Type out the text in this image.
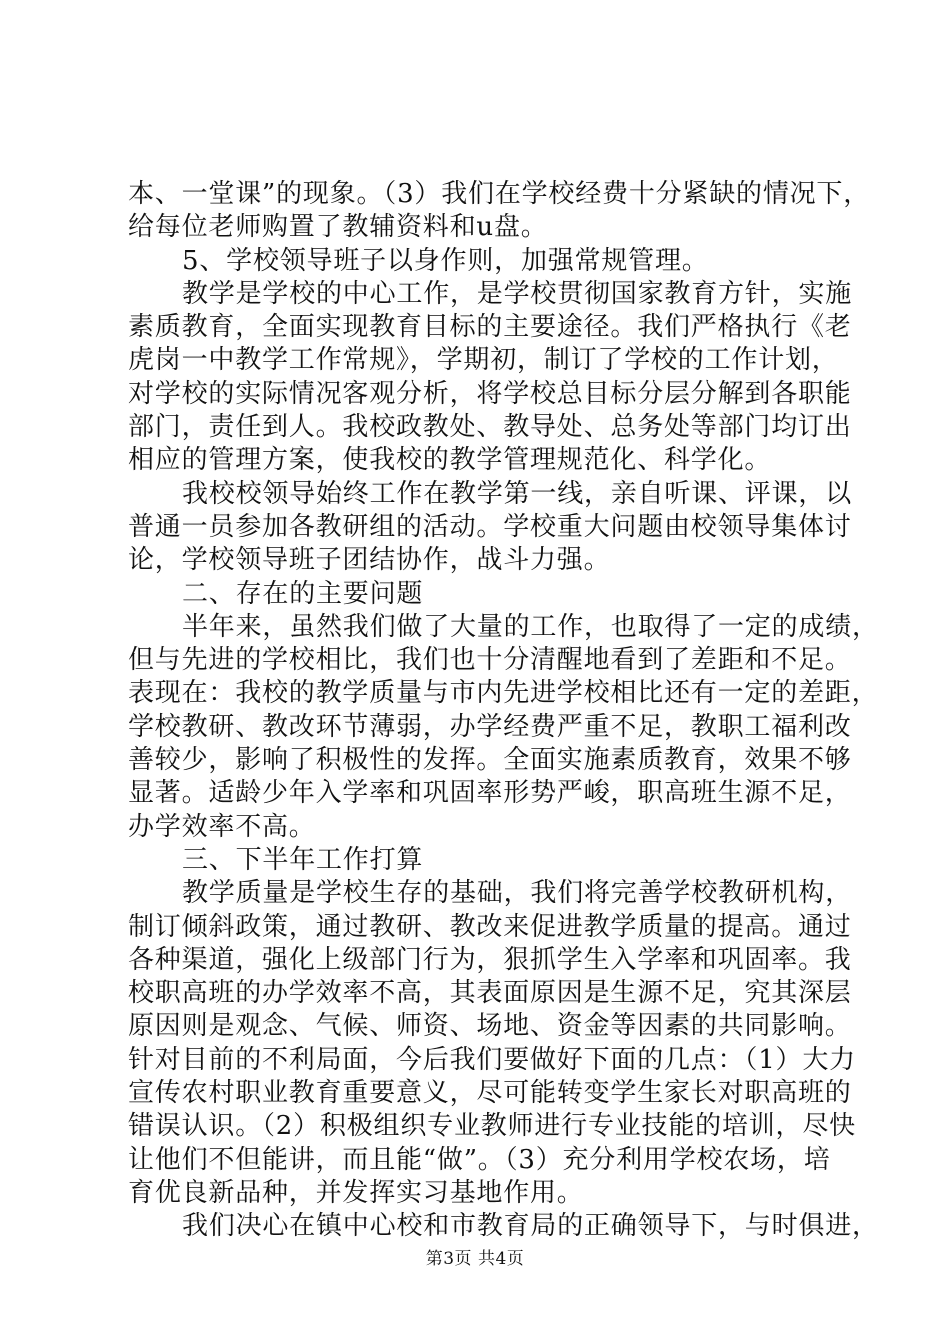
本、一堂课”的现象。（3）我们在学校经费十分紧缺的情况下，
给每位老师购置了教辅资料和u盘。
5、学校领导班子以身作则，加强常规管理。
教学是学校的中心工作，是学校贯彻国家教育方针，实施
素质教育，全面实现教育目标的主要途径。我们严格执行《老
虎岗一中教学工作常规》，学期初，制订了学校的工作计划，
对学校的实际情况客观分析，将学校总目标分层分解到各职能
部门，责任到人。我校政教处、教导处、总务处等部门均订出
相应的管理方案，使我校的教学管理规范化、科学化。
我校校领导始终工作在教学第一线，亲自听课、评课，以
普通一员参加各教研组的活动。学校重大问题由校领导集体讨
论，学校领导班子团结协作，战斗力强。
二、存在的主要问题
半年来，虽然我们做了大量的工作，也取得了一定的成绩，
但与先进的学校相比，我们也十分清醒地看到了差距和不足。
表现在：我校的教学质量与市内先进学校相比还有一定的差距，
学校教研、教改环节薄弱，办学经费严重不足，教职工福利改
善较少，影响了积极性的发挥。全面实施素质教育，效果不够
显著。适龄少年入学率和巩固率形势严峻，职高班生源不足，
办学效率不高。
三、下半年工作打算
教学质量是学校生存的基础，我们将完善学校教研机构，
制订倾斜政策，通过教研、教改来促进教学质量的提高。通过
各种渠道，强化上级部门行为，狠抓学生入学率和巩固率。我
校职高班的办学效率不高，其表面原因是生源不足，究其深层
原因则是观念、气候、师资、场地、资金等因素的共同影响。
针对目前的不利局面，今后我们要做好下面的几点：（1）大力
宣传农村职业教育重要意义，尽可能转变学生家长对职高班的
错误认识。（2）积极组织专业教师进行专业技能的培训，尽快
让他们不但能讲，而且能“做”。（3）充分利用学校农场，培
育优良新品种，并发挥实习基地作用。
我们决心在镇中心校和市教育局的正确领导下，与时俱进，
第3页 共4页
